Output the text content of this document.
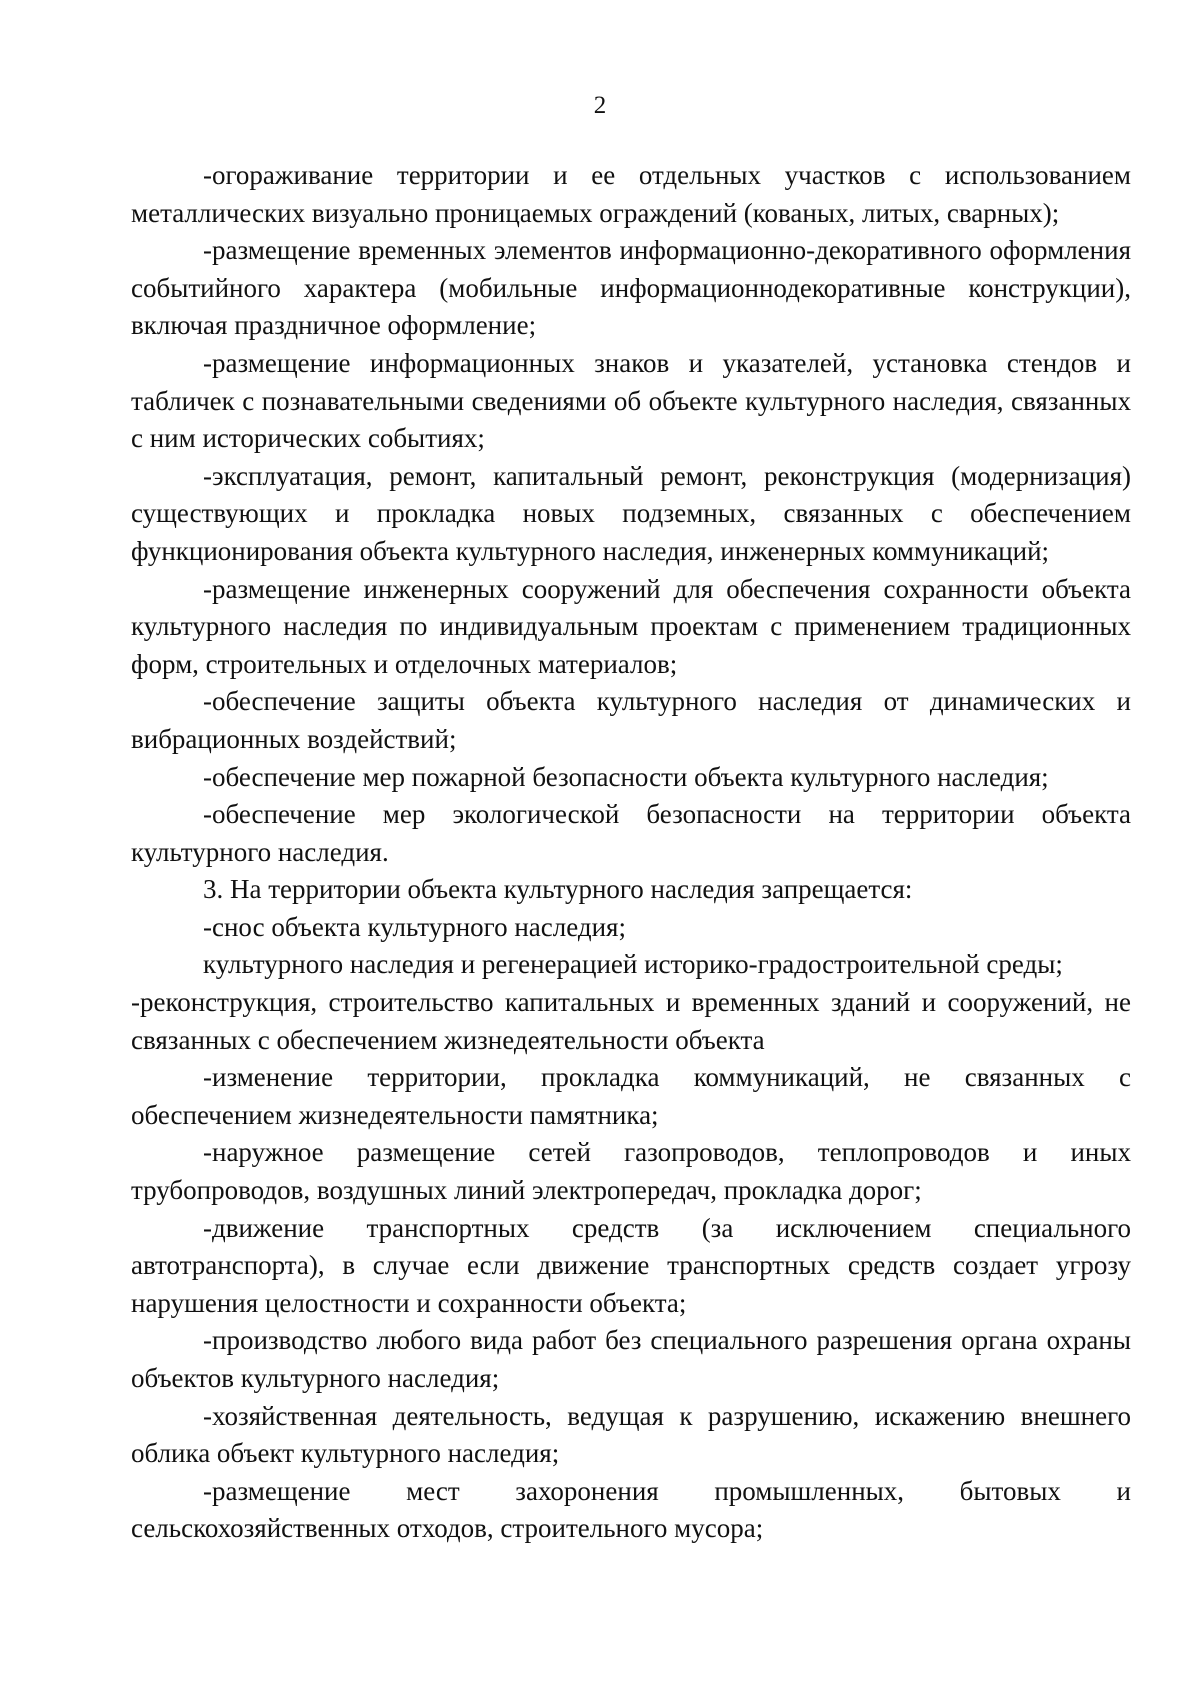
2

-огораживание территории и ее отдельных участков с использованием металлических визуально проницаемых ограждений (кованых, литых, сварных);

-размещение временных элементов информационно-декоративного оформления событийного характера (мобильные информационнодекоративные конструкции), включая праздничное оформление;

-размещение информационных знаков и указателей, установка стендов и табличек с познавательными сведениями об объекте культурного наследия, связанных с ним исторических событиях;

-эксплуатация, ремонт, капитальный ремонт, реконструкция (модернизация) существующих и прокладка новых подземных, связанных с обеспечением функционирования объекта культурного наследия, инженерных коммуникаций;

-размещение инженерных сооружений для обеспечения сохранности объекта культурного наследия по индивидуальным проектам с применением традиционных форм, строительных и отделочных материалов;

-обеспечение защиты объекта культурного наследия от динамических и вибрационных воздействий;

-обеспечение мер пожарной безопасности объекта культурного наследия;

-обеспечение мер экологической безопасности на территории объекта культурного наследия.

3. На территории объекта культурного наследия запрещается:

-снос объекта культурного наследия;

культурного наследия и регенерацией историко-градостроительной среды;

-реконструкция, строительство капитальных и временных зданий и сооружений, не связанных с обеспечением жизнедеятельности объекта

-изменение территории, прокладка коммуникаций, не связанных с обеспечением жизнедеятельности памятника;

-наружное размещение сетей газопроводов, теплопроводов и иных трубопроводов, воздушных линий электропередач, прокладка дорог;

-движение транспортных средств (за исключением специального автотранспорта), в случае если движение транспортных средств создает угрозу нарушения целостности и сохранности объекта;

-производство любого вида работ без специального разрешения органа охраны объектов культурного наследия;

-хозяйственная деятельность, ведущая к разрушению, искажению внешнего облика объект культурного наследия;

-размещение мест захоронения промышленных, бытовых и сельскохозяйственных отходов, строительного мусора;
